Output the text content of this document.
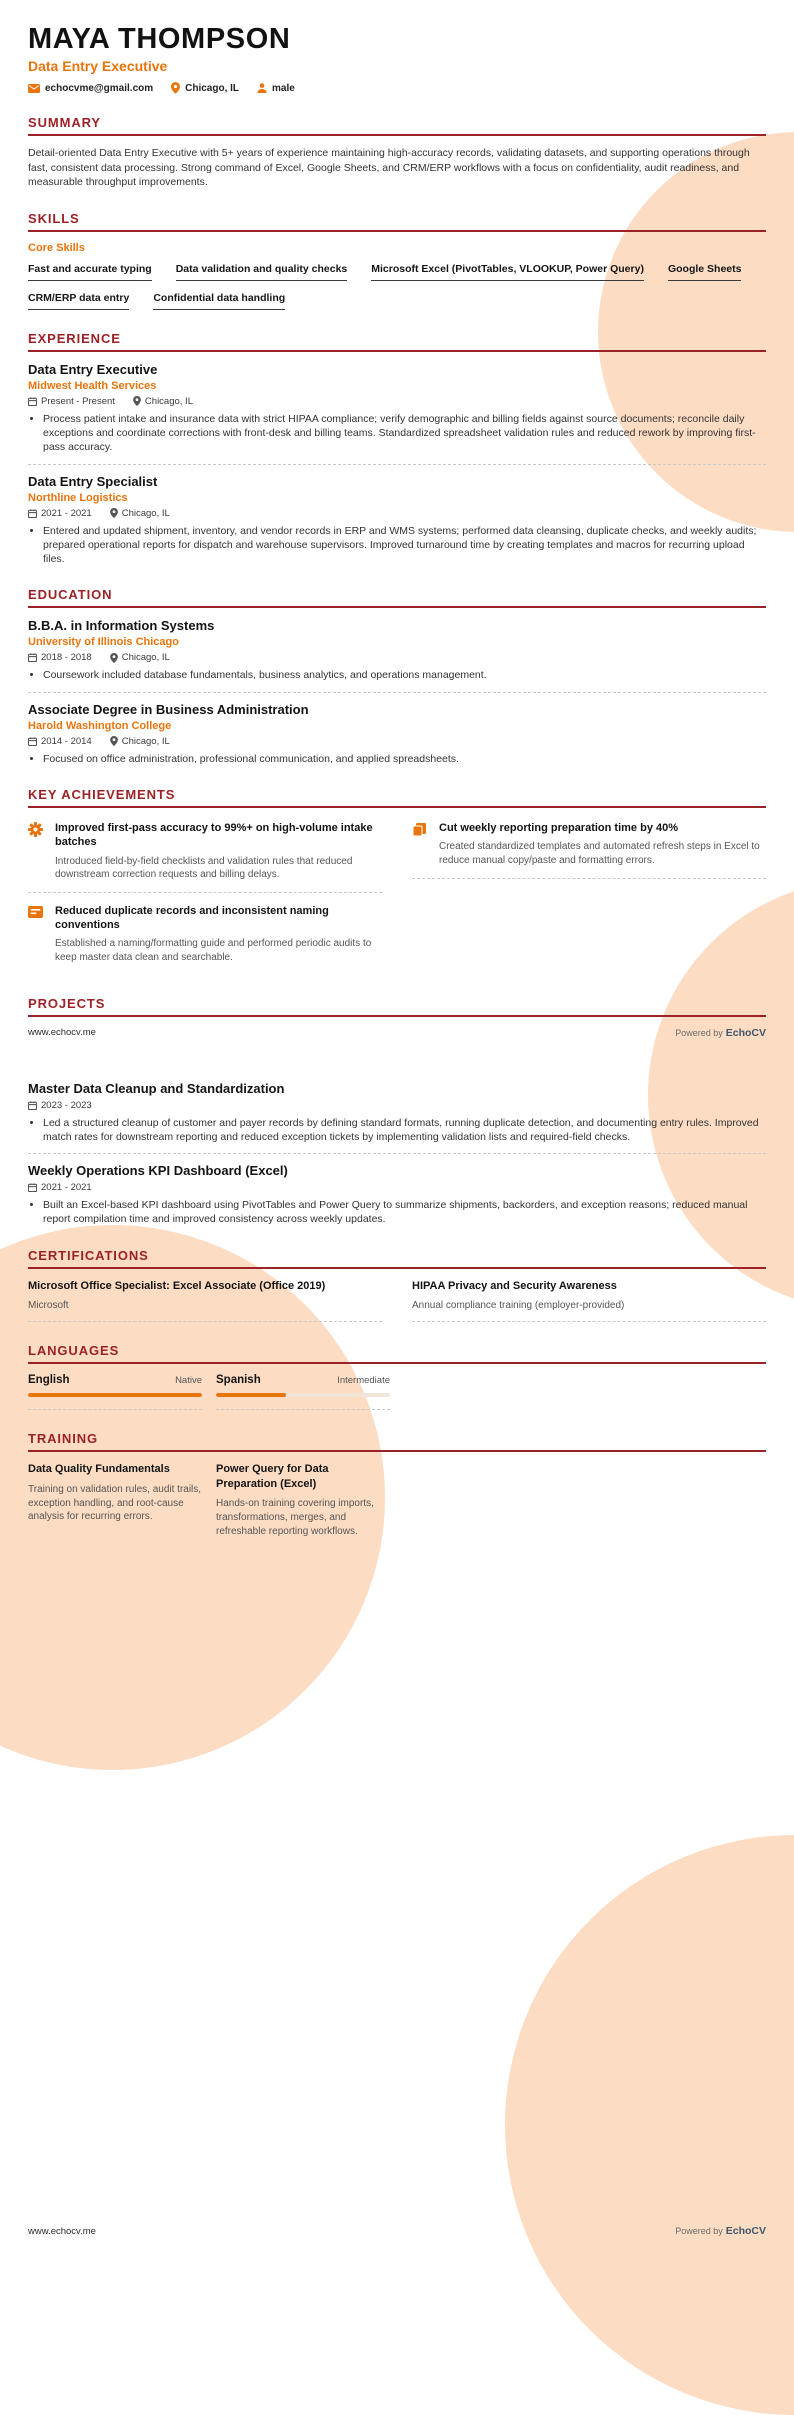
MAYA THOMPSON
Data Entry Executive
echocvme@gmail.com	Chicago, IL	male
SUMMARY

Detail-oriented Data Entry Executive with 5+ years of experience maintaining high-accuracy records, validating datasets, and supporting operations through fast, consistent data processing. Strong command of Excel, Google Sheets, and CRM/ERP workflows with a focus on confidentiality, audit readiness, and measurable throughput improvements.

SKILLS
Core Skills
Fast and accurate typing Data validation and quality checks Microsoft Excel (PivotTables, VLOOKUP, Power Query) Google Sheets
CRM/ERP data entry Confidential data handling
EXPERIENCE
Data Entry Executive
Midwest Health Services
Present - Present	Chicago, IL
• Process patient intake and insurance data with strict HIPAA compliance; verify demographic and billing fields against source documents; reconcile daily exceptions and coordinate corrections with front-desk and billing teams. Standardized spreadsheet validation rules and reduced rework by improving first-pass accuracy.
Data Entry Specialist
Northline Logistics
2021 - 2021	Chicago, IL
• Entered and updated shipment, inventory, and vendor records in ERP and WMS systems; performed data cleansing, duplicate checks, and weekly audits; prepared operational reports for dispatch and warehouse supervisors. Improved turnaround time by creating templates and macros for recurring upload files.
EDUCATION
B.B.A. in Information Systems
University of Illinois Chicago
2018 - 2018	Chicago, IL
• Coursework included database fundamentals, business analytics, and operations management.
Associate Degree in Business Administration
Harold Washington College
2014 - 2014	Chicago, IL
• Focused on office administration, professional communication, and applied spreadsheets.
KEY ACHIEVEMENTS
Improved first-pass accuracy to 99%+ on high-volume intake batches
Introduced field-by-field checklists and validation rules that reduced downstream correction requests and billing delays.
Cut weekly reporting preparation time by 40%
Created standardized templates and automated refresh steps in Excel to reduce manual copy/paste and formatting errors.
Reduced duplicate records and inconsistent naming conventions
Established a naming/formatting guide and performed periodic audits to keep master data clean and searchable.
PROJECTS
www.echocv.me	Powered by EchoCV
Master Data Cleanup and Standardization
2023 - 2023
• Led a structured cleanup of customer and payer records by defining standard formats, running duplicate detection, and documenting entry rules. Improved match rates for downstream reporting and reduced exception tickets by implementing validation lists and required-field checks.
Weekly Operations KPI Dashboard (Excel)
2021 - 2021
• Built an Excel-based KPI dashboard using PivotTables and Power Query to summarize shipments, backorders, and exception reasons; reduced manual report compilation time and improved consistency across weekly updates.
CERTIFICATIONS
Microsoft Office Specialist: Excel Associate (Office 2019)
Microsoft
HIPAA Privacy and Security Awareness
Annual compliance training (employer-provided)
LANGUAGES
English	Native Spanish	Intermediate
TRAINING
Data Quality Fundamentals
Training on validation rules, audit trails, exception handling, and root-cause analysis for recurring errors.
Power Query for Data Preparation (Excel)
Hands-on training covering imports, transformations, merges, and refreshable reporting workflows.
www.echocv.me	Powered by EchoCV
